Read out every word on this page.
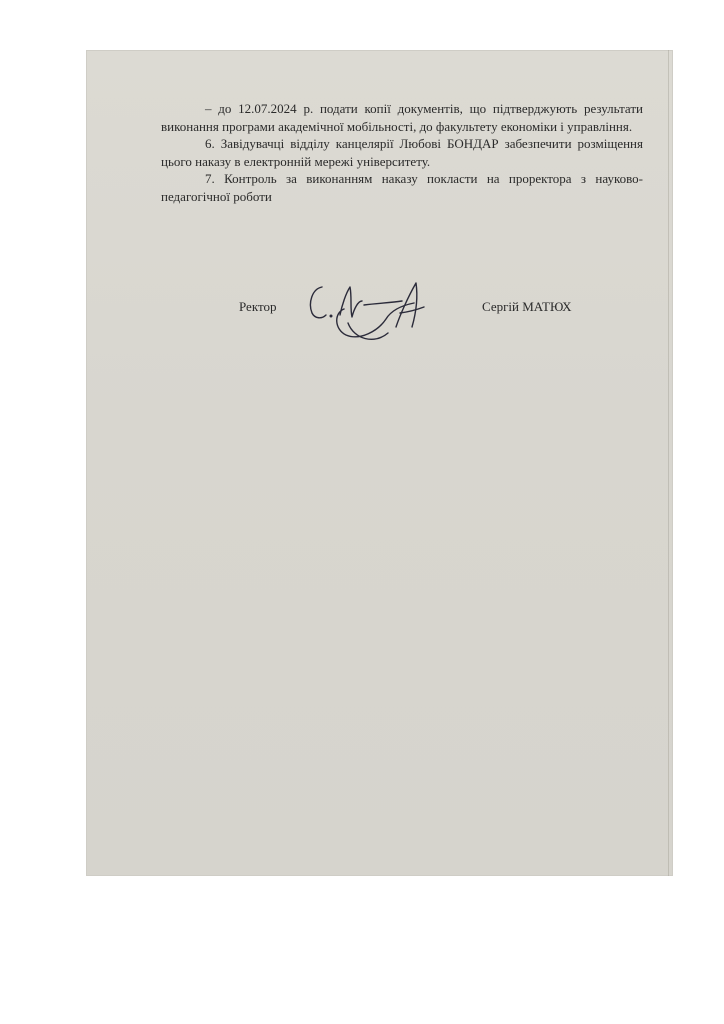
– до 12.07.2024 р. подати копії документів, що підтверджують результати виконання програми академічної мобільності, до факультету економіки і управління.

6. Завідувачці відділу канцелярії Любові БОНДАР забезпечити розміщення цього наказу в електронній мережі університету.

7. Контроль за виконанням наказу покласти на проректора з науково-педагогічної роботи

Ректор	Сергій МАТЮХ
